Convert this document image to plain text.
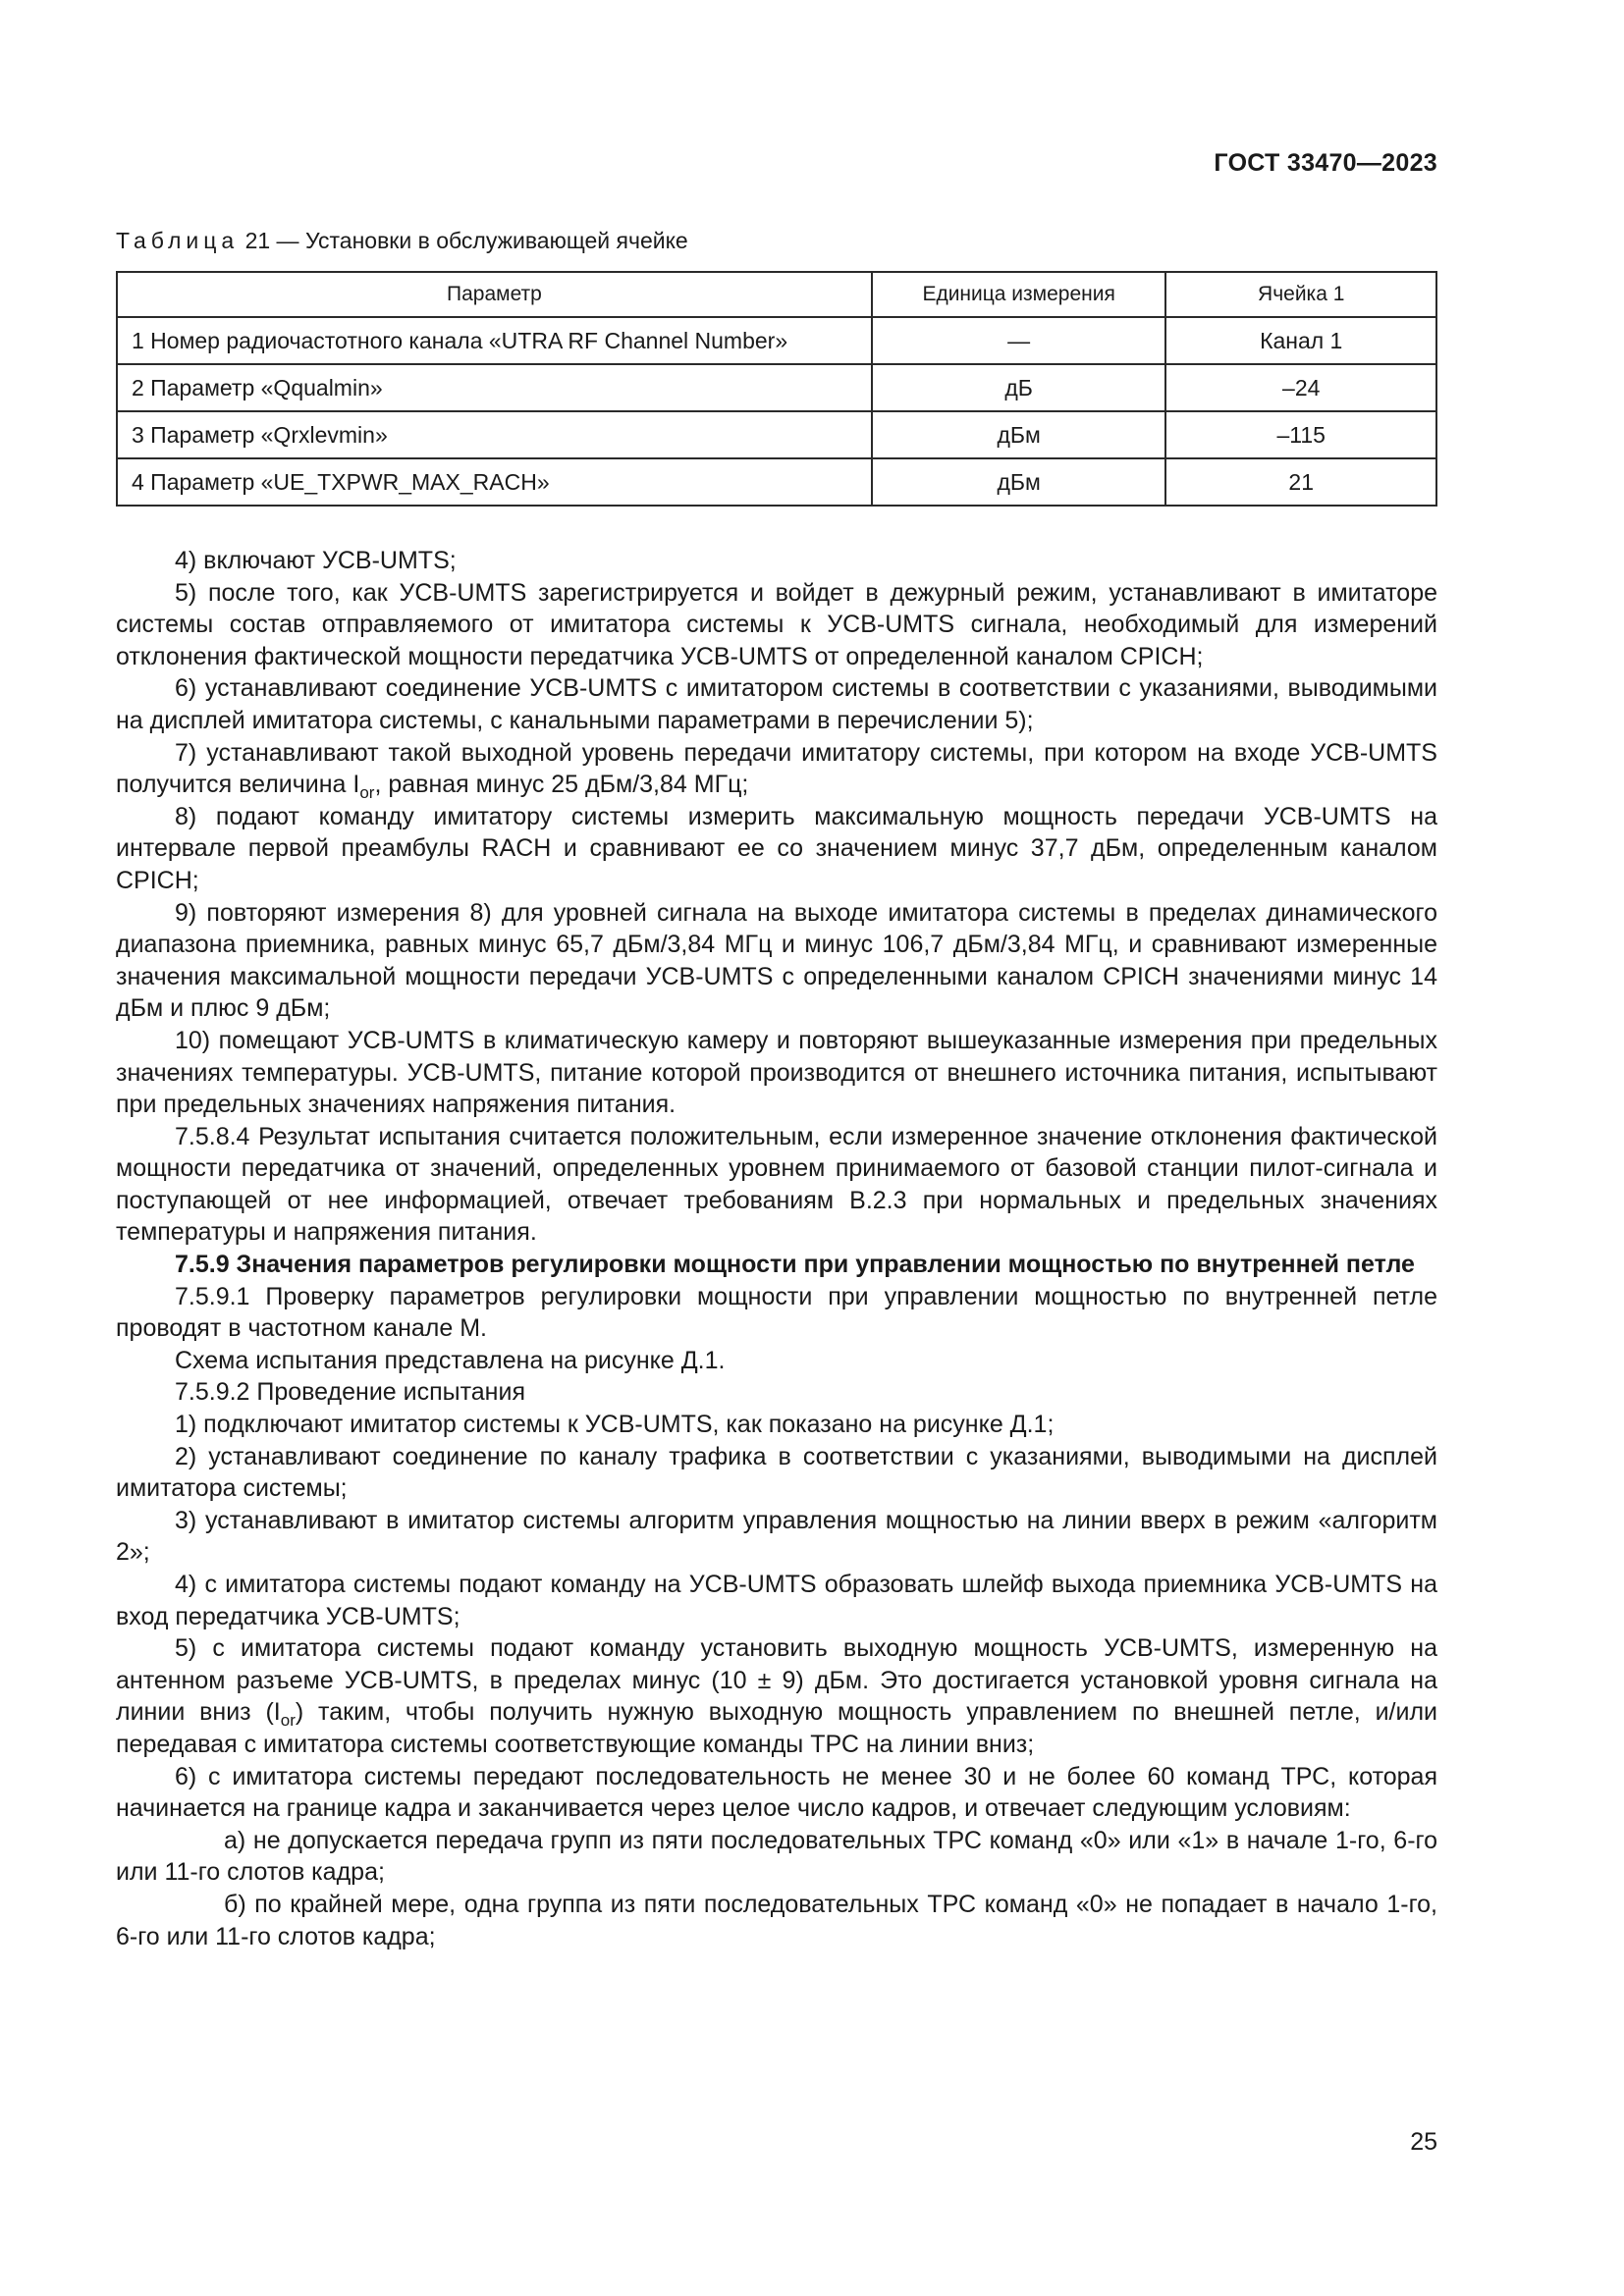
ГОСТ 33470—2023
Таблица 21 — Установки в обслуживающей ячейке
Параметр	Единица измерения	Ячейка 1
1 Номер радиочастотного канала «UTRA RF Channel Number»	—	Канал 1
2 Параметр «Qqualmin»	дБ	–24
3 Параметр «Qrxlevmin»	дБм	–115
4 Параметр «UE_TXPWR_MAX_RACH»	дБм	21

4) включают УСВ-UMTS;

5) после того, как УСВ-UMTS зарегистрируется и войдет в дежурный режим, устанавливают в имитаторе системы состав отправляемого от имитатора системы к УСВ-UMTS сигнала, необходимый для измерений отклонения фактической мощности передатчика УСВ-UMTS от определенной каналом CPICH;

6) устанавливают соединение УСВ-UMTS с имитатором системы в соответствии с указаниями, выводимыми на дисплей имитатора системы, с канальными параметрами в перечислении 5);

7) устанавливают такой выходной уровень передачи имитатору системы, при котором на входе УСВ-UMTS получится величина $I_{or}$, равная минус 25 дБм/3,84 МГц;

8) подают команду имитатору системы измерить максимальную мощность передачи УСВ-UMTS на интервале первой преамбулы RACH и сравнивают ее со значением минус 37,7 дБм, определенным каналом CPICH;

9) повторяют измерения 8) для уровней сигнала на выходе имитатора системы в пределах динамического диапазона приемника, равных минус 65,7 дБм/3,84 МГц и минус 106,7 дБм/3,84 МГц, и сравнивают измеренные значения максимальной мощности передачи УСВ-UMTS с определенными каналом CPICH значениями минус 14 дБм и плюс 9 дБм;

10) помещают УСВ-UMTS в климатическую камеру и повторяют вышеуказанные измерения при предельных значениях температуры. УСВ-UMTS, питание которой производится от внешнего источника питания, испытывают при предельных значениях напряжения питания.

7.5.8.4 Результат испытания считается положительным, если измеренное значение отклонения фактической мощности передатчика от значений, определенных уровнем принимаемого от базовой станции пилот-сигнала и поступающей от нее информацией, отвечает требованиям В.2.3 при нормальных и предельных значениях температуры и напряжения питания.

7.5.9 Значения параметров регулировки мощности при управлении мощностью по внутренней петле

7.5.9.1 Проверку параметров регулировки мощности при управлении мощностью по внутренней петле проводят в частотном канале М.

Схема испытания представлена на рисунке Д.1.

7.5.9.2 Проведение испытания

1) подключают имитатор системы к УСВ-UMTS, как показано на рисунке Д.1;

2) устанавливают соединение по каналу трафика в соответствии с указаниями, выводимыми на дисплей имитатора системы;

3) устанавливают в имитатор системы алгоритм управления мощностью на линии вверх в режим «алгоритм 2»;

4) с имитатора системы подают команду на УСВ-UMTS образовать шлейф выхода приемника УСВ-UMTS на вход передатчика УСВ-UMTS;

5) с имитатора системы подают команду установить выходную мощность УСВ-UMTS, измеренную на антенном разъеме УСВ-UMTS, в пределах минус (10 ± 9) дБм. Это достигается установкой уровня сигнала на линии вниз $(I_{or})$ таким, чтобы получить нужную выходную мощность управлением по внешней петле, и/или передавая с имитатора системы соответствующие команды ТРС на линии вниз;

6) с имитатора системы передают последовательность не менее 30 и не более 60 команд ТРС, которая начинается на границе кадра и заканчивается через целое число кадров, и отвечает следующим условиям:

а) не допускается передача групп из пяти последовательных ТРС команд «0» или «1» в начале 1-го, 6-го или 11-го слотов кадра;

б) по крайней мере, одна группа из пяти последовательных ТРС команд «0» не попадает в начало 1-го, 6-го или 11-го слотов кадра;

25
